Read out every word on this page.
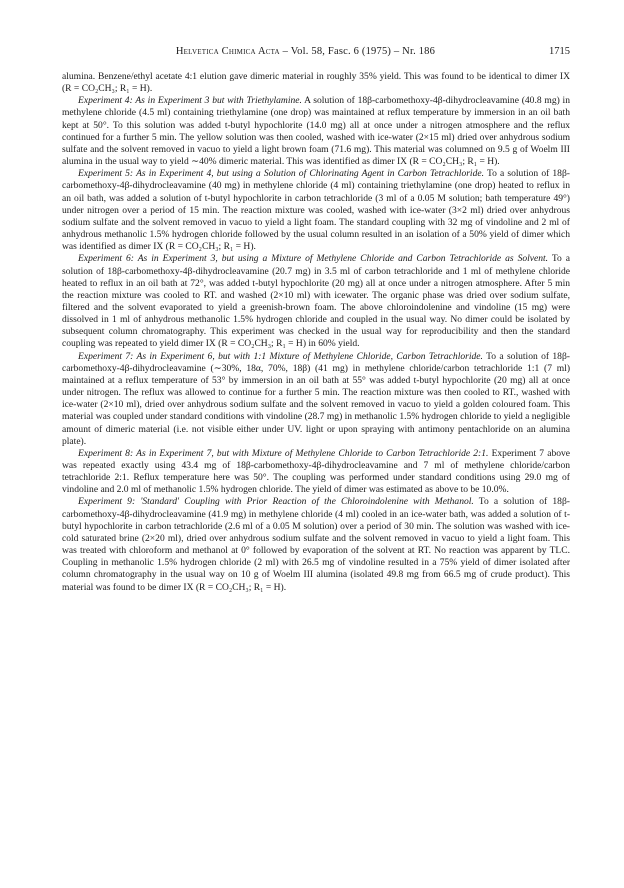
Helvetica Chimica Acta – Vol. 58, Fasc. 6 (1975) – Nr. 186	1715

alumina. Benzene/ethyl acetate 4:1 elution gave dimeric material in roughly 35% yield. This was found to be identical to dimer IX (R = CO₂CH₃; R₁ = H).

Experiment 4: As in Experiment 3 but with Triethylamine. A solution of 18β-carbomethoxy-4β-dihydrocleavamine (40.8 mg) in methylene chloride (4.5 ml) containing triethylamine (one drop) was maintained at reflux temperature by immersion in an oil bath kept at 50°. To this solution was added t-butyl hypochlorite (14.0 mg) all at once under a nitrogen atmosphere and the reflux continued for a further 5 min. The yellow solution was then cooled, washed with ice-water (2×15 ml) dried over anhydrous sodium sulfate and the solvent removed in vacuo to yield a light brown foam (71.6 mg). This material was columned on 9.5 g of Woelm III alumina in the usual way to yield ∼40% dimeric material. This was identified as dimer IX (R = CO₂CH₃; R₁ = H).

Experiment 5: As in Experiment 4, but using a Solution of Chlorinating Agent in Carbon Tetrachloride. To a solution of 18β-carbomethoxy-4β-dihydrocleavamine (40 mg) in methylene chloride (4 ml) containing triethylamine (one drop) heated to reflux in an oil bath, was added a solution of t-butyl hypochlorite in carbon tetrachloride (3 ml of a 0.05 M solution; bath temperature 49°) under nitrogen over a period of 15 min. The reaction mixture was cooled, washed with ice-water (3×2 ml) dried over anhydrous sodium sulfate and the solvent removed in vacuo to yield a light foam. The standard coupling with 32 mg of vindoline and 2 ml of anhydrous methanolic 1.5% hydrogen chloride followed by the usual column resulted in an isolation of a 50% yield of dimer which was identified as dimer IX (R = CO₂CH₃; R₁ = H).

Experiment 6: As in Experiment 3, but using a Mixture of Methylene Chloride and Carbon Tetrachloride as Solvent. To a solution of 18β-carbomethoxy-4β-dihydrocleavamine (20.7 mg) in 3.5 ml of carbon tetrachloride and 1 ml of methylene chloride heated to reflux in an oil bath at 72°, was added t-butyl hypochlorite (20 mg) all at once under a nitrogen atmosphere. After 5 min the reaction mixture was cooled to RT. and washed (2×10 ml) with icewater. The organic phase was dried over sodium sulfate, filtered and the solvent evaporated to yield a greenish-brown foam. The above chloroindolenine and vindoline (15 mg) were dissolved in 1 ml of anhydrous methanolic 1.5% hydrogen chloride and coupled in the usual way. No dimer could be isolated by subsequent column chromatography. This experiment was checked in the usual way for reproducibility and then the standard coupling was repeated to yield dimer IX (R = CO₂CH₃; R₁ = H) in 60% yield.

Experiment 7: As in Experiment 6, but with 1:1 Mixture of Methylene Chloride, Carbon Tetrachloride. To a solution of 18β-carbomethoxy-4β-dihydrocleavamine (∼30%, 18α, 70%, 18β) (41 mg) in methylene chloride/carbon tetrachloride 1:1 (7 ml) maintained at a reflux temperature of 53° by immersion in an oil bath at 55° was added t-butyl hypochlorite (20 mg) all at once under nitrogen. The reflux was allowed to continue for a further 5 min. The reaction mixture was then cooled to RT., washed with ice-water (2×10 ml), dried over anhydrous sodium sulfate and the solvent removed in vacuo to yield a golden coloured foam. This material was coupled under standard conditions with vindoline (28.7 mg) in methanolic 1.5% hydrogen chloride to yield a negligible amount of dimeric material (i.e. not visible either under UV. light or upon spraying with antimony pentachloride on an alumina plate).

Experiment 8: As in Experiment 7, but with Mixture of Methylene Chloride to Carbon Tetrachloride 2:1. Experiment 7 above was repeated exactly using 43.4 mg of 18β-carbomethoxy-4β-dihydrocleavamine and 7 ml of methylene chloride/carbon tetrachloride 2:1. Reflux temperature here was 50°. The coupling was performed under standard conditions using 29.0 mg of vindoline and 2.0 ml of methanolic 1.5% hydrogen chloride. The yield of dimer was estimated as above to be 10.0%.

Experiment 9: 'Standard' Coupling with Prior Reaction of the Chloroindolenine with Methanol. To a solution of 18β-carbomethoxy-4β-dihydrocleavamine (41.9 mg) in methylene chloride (4 ml) cooled in an ice-water bath, was added a solution of t-butyl hypochlorite in carbon tetrachloride (2.6 ml of a 0.05 M solution) over a period of 30 min. The solution was washed with ice-cold saturated brine (2×20 ml), dried over anhydrous sodium sulfate and the solvent removed in vacuo to yield a light foam. This was treated with chloroform and methanol at 0° followed by evaporation of the solvent at RT. No reaction was apparent by TLC. Coupling in methanolic 1.5% hydrogen chloride (2 ml) with 26.5 mg of vindoline resulted in a 75% yield of dimer isolated after column chromatography in the usual way on 10 g of Woelm III alumina (isolated 49.8 mg from 66.5 mg of crude product). This material was found to be dimer IX (R = CO₂CH₃; R₁ = H).
